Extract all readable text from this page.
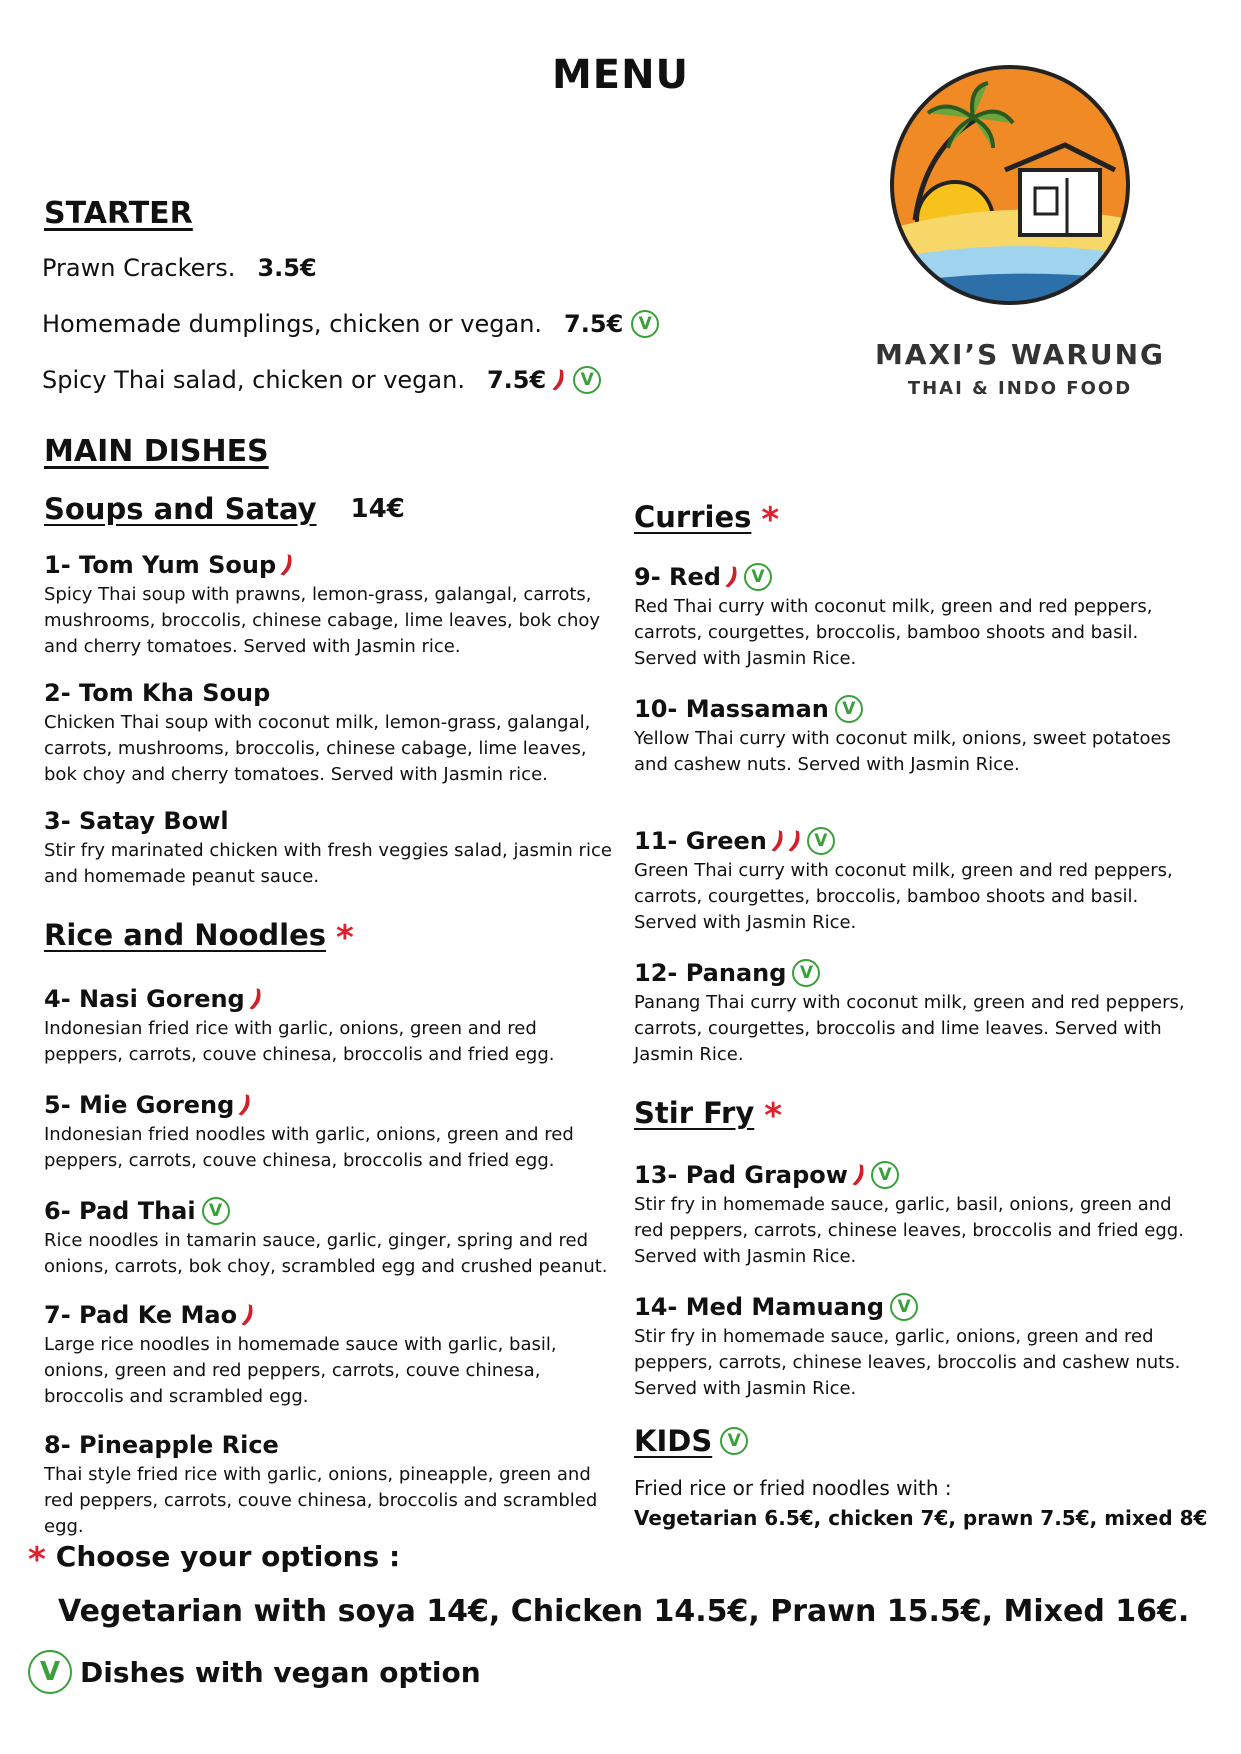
MENU
MAXI’S WARUNG
THAI & INDO FOOD
STARTER
Prawn Crackers. 3.5€
Homemade dumplings, chicken or vegan. 7.5€ V
Spicy Thai salad, chicken or vegan. 7.5€ ) V
MAIN DISHES
Soups and Satay 14€
1- Tom Yum Soup )
Spicy Thai soup with prawns, lemon-grass, galangal, carrots, mushrooms, broccolis, chinese cabage, lime leaves, bok choy and cherry tomatoes. Served with Jasmin rice.
2- Tom Kha Soup
Chicken Thai soup with coconut milk, lemon-grass, galangal, carrots, mushrooms, broccolis, chinese cabage, lime leaves, bok choy and cherry tomatoes. Served with Jasmin rice.
3- Satay Bowl
Stir fry marinated chicken with fresh veggies salad, jasmin rice and homemade peanut sauce.
Rice and Noodles *
4- Nasi Goreng )
Indonesian fried rice with garlic, onions, green and red peppers, carrots, couve chinesa, broccolis and fried egg.
5- Mie Goreng )
Indonesian fried noodles with garlic, onions, green and red peppers, carrots, couve chinesa, broccolis and fried egg.
6- Pad Thai V
Rice noodles in tamarin sauce, garlic, ginger, spring and red onions, carrots, bok choy, scrambled egg and crushed peanut.
7- Pad Ke Mao )
Large rice noodles in homemade sauce with garlic, basil, onions, green and red peppers, carrots, couve chinesa, broccolis and scrambled egg.
8- Pineapple Rice
Thai style fried rice with garlic, onions, pineapple, green and red peppers, carrots, couve chinesa, broccolis and scrambled egg.
Curries *
9- Red ) V
Red Thai curry with coconut milk, green and red peppers, carrots, courgettes, broccolis, bamboo shoots and basil. Served with Jasmin Rice.
10- Massaman V
Yellow Thai curry with coconut milk, onions, sweet potatoes and cashew nuts. Served with Jasmin Rice.
11- Green )
) V
Green Thai curry with coconut milk, green and red peppers, carrots, courgettes, broccolis, bamboo shoots and basil. Served with Jasmin Rice.
12- Panang V
Panang Thai curry with coconut milk, green and red peppers, carrots, courgettes, broccolis and lime leaves. Served with Jasmin Rice.
Stir Fry *
13- Pad Grapow ) V
Stir fry in homemade sauce, garlic, basil, onions, green and red peppers, carrots, chinese leaves, broccolis and fried egg. Served with Jasmin Rice.
14- Med Mamuang V
Stir fry in homemade sauce, garlic, onions, green and red peppers, carrots, chinese leaves, broccolis and cashew nuts. Served with Jasmin Rice.
KIDS V
Fried rice or fried noodles with :
Vegetarian 6.5€, chicken 7€, prawn 7.5€, mixed 8€
* Choose your options :
Vegetarian with soya 14€, Chicken 14.5€, Prawn 15.5€, Mixed 16€.
V Dishes with vegan option
